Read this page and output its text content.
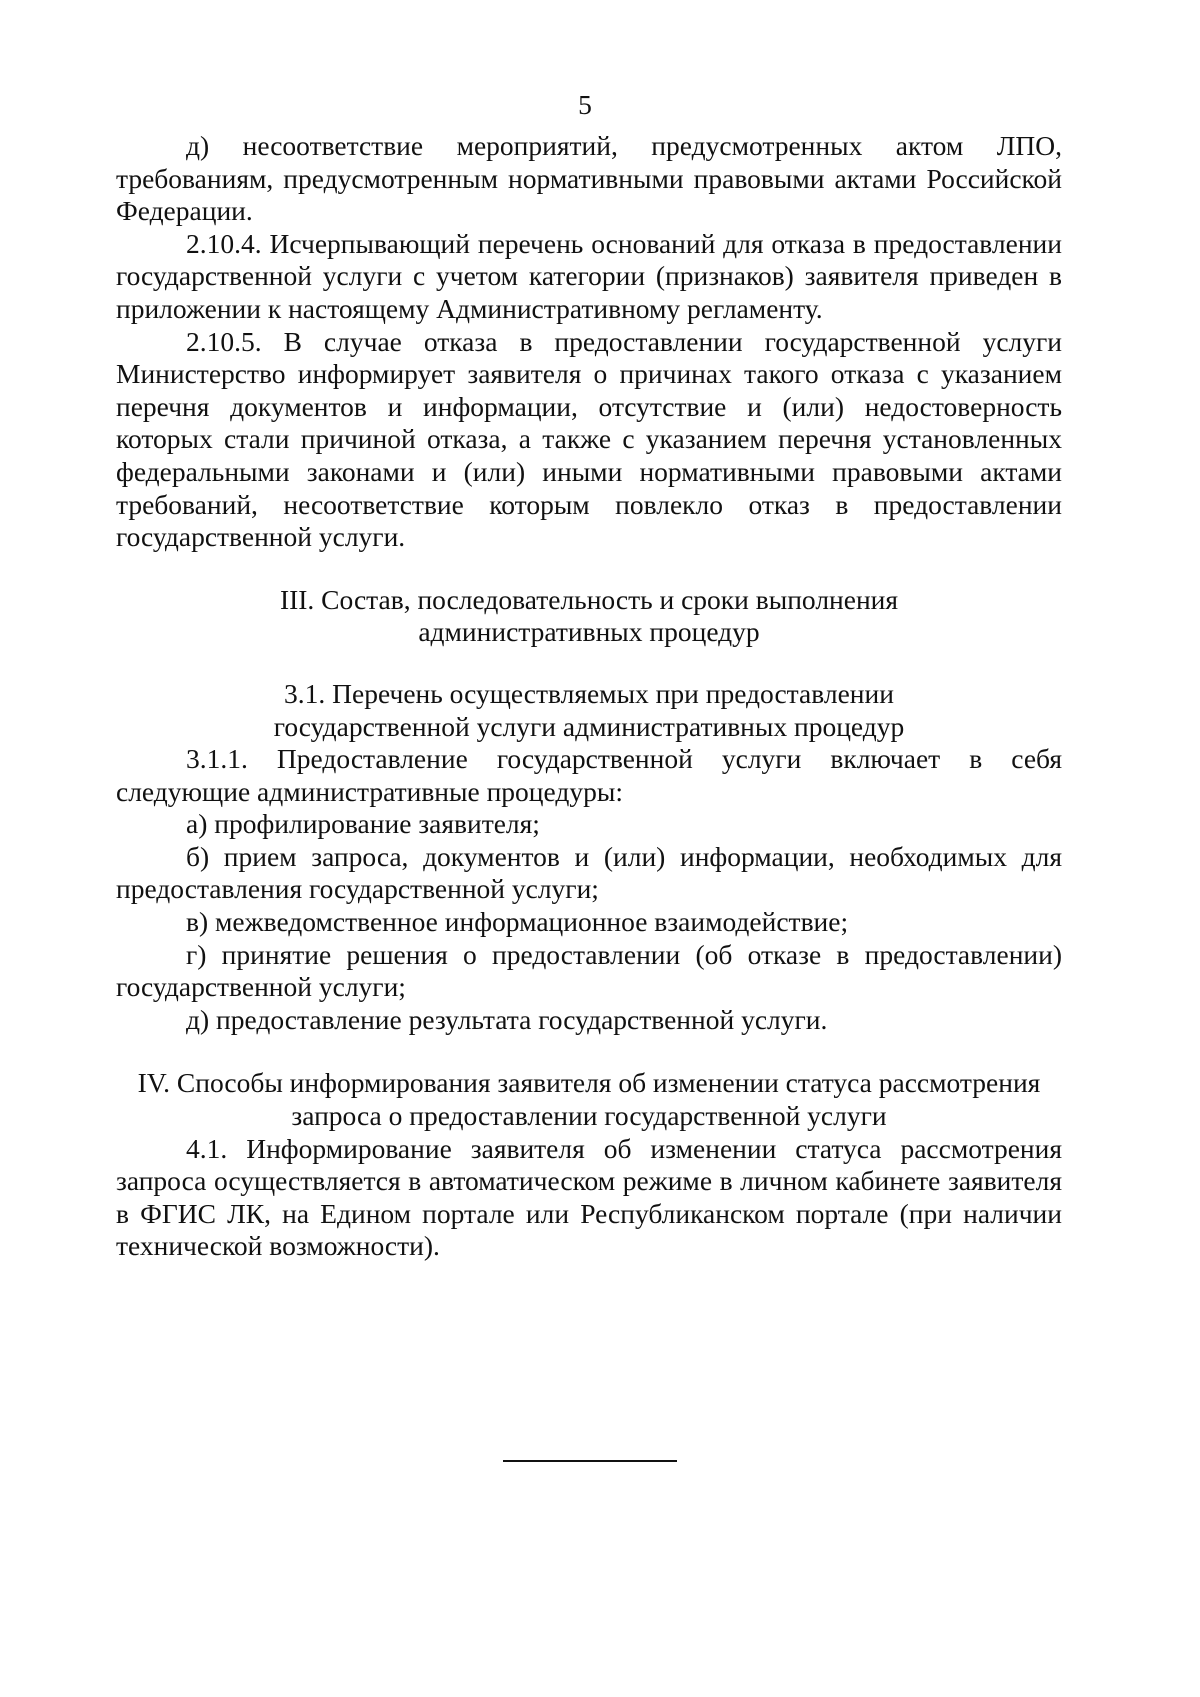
5

д) несоответствие мероприятий, предусмотренных актом ЛПО, требованиям, предусмотренным нормативными правовыми актами Российской Федерации.

2.10.4. Исчерпывающий перечень оснований для отказа в предоставлении государственной услуги с учетом категории (признаков) заявителя приведен в приложении к настоящему Административному регламенту.

2.10.5. В случае отказа в предоставлении государственной услуги Министерство информирует заявителя о причинах такого отказа с указанием перечня документов и информации, отсутствие и (или) недостоверность которых стали причиной отказа, а также с указанием перечня установленных федеральными законами и (или) иными нормативными правовыми актами требований, несоответствие которым повлекло отказ в предоставлении государственной услуги.

III. Состав, последовательность и сроки выполнения
административных процедур
3.1. Перечень осуществляемых при предоставлении
государственной услуги административных процедур

3.1.1. Предоставление государственной услуги включает в себя следующие административные процедуры:

а) профилирование заявителя;

б) прием запроса, документов и (или) информации, необходимых для предоставления государственной услуги;

в) межведомственное информационное взаимодействие;

г) принятие решения о предоставлении (об отказе в предоставлении) государственной услуги;

д) предоставление результата государственной услуги.

IV. Способы информирования заявителя об изменении статуса рассмотрения
запроса о предоставлении государственной услуги

4.1. Информирование заявителя об изменении статуса рассмотрения запроса осуществляется в автоматическом режиме в личном кабинете заявителя в ФГИС ЛК, на Едином портале или Республиканском портале (при наличии технической возможности).
